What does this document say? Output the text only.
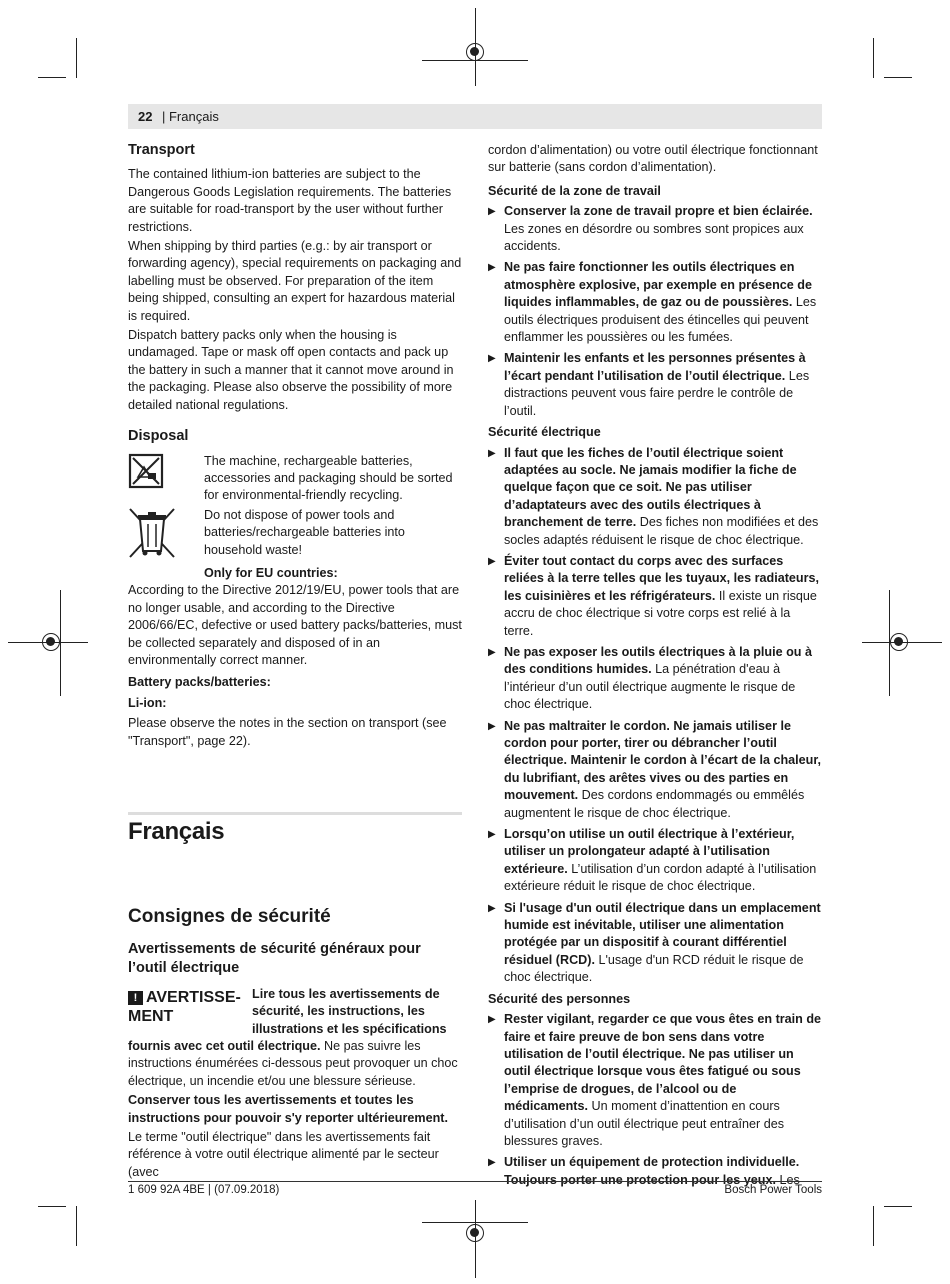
22 | Français
Transport

The contained lithium-ion batteries are subject to the Dangerous Goods Legislation requirements. The batteries are suitable for road-transport by the user without further restrictions.

When shipping by third parties (e.g.: by air transport or forwarding agency), special requirements on packaging and labelling must be observed. For preparation of the item being shipped, consulting an expert for hazardous material is required.

Dispatch battery packs only when the housing is undamaged. Tape or mask off open contacts and pack up the battery in such a manner that it cannot move around in the packaging. Please also observe the possibility of more detailed national regulations.

Disposal
The machine, rechargeable batteries, accessories and packaging should be sorted for environmental-friendly recycling.

Do not dispose of power tools and batteries/rechargeable batteries into household waste!

Only for EU countries:

According to the Directive 2012/19/EU, power tools that are no longer usable, and according to the Directive 2006/66/EC, defective or used battery packs/batteries, must be collected separately and disposed of in an environmentally correct manner.

Battery packs/batteries:
Li-ion:

Please observe the notes in the section on transport (see "Transport", page 22).

Français
Consignes de sécurité
Avertissements de sécurité généraux pour l’outil électrique
! AVERTISSE-
MENT

Lire tous les avertissements de sécurité, les instructions, les illustrations et les spécifications fournis avec cet outil électrique. Ne pas suivre les instructions énumérées ci-dessous peut provoquer un choc électrique, un incendie et/ou une blessure sérieuse.

Conserver tous les avertissements et toutes les instructions pour pouvoir s'y reporter ultérieurement.

Le terme "outil électrique" dans les avertissements fait référence à votre outil électrique alimenté par le secteur (avec

cordon d’alimentation) ou votre outil électrique fonctionnant sur batterie (sans cordon d’alimentation).

Sécurité de la zone de travail
▶ Conserver la zone de travail propre et bien éclairée. Les zones en désordre ou sombres sont propices aux accidents.
▶ Ne pas faire fonctionner les outils électriques en atmosphère explosive, par exemple en présence de liquides inflammables, de gaz ou de poussières. Les outils électriques produisent des étincelles qui peuvent enflammer les poussières ou les fumées.
▶ Maintenir les enfants et les personnes présentes à l’écart pendant l’utilisation de l’outil électrique. Les distractions peuvent vous faire perdre le contrôle de l’outil.
Sécurité électrique
▶ Il faut que les fiches de l’outil électrique soient adaptées au socle. Ne jamais modifier la fiche de quelque façon que ce soit. Ne pas utiliser d’adaptateurs avec des outils électriques à branchement de terre. Des fiches non modifiées et des socles adaptés réduisent le risque de choc électrique.
▶ Éviter tout contact du corps avec des surfaces reliées à la terre telles que les tuyaux, les radiateurs, les cuisinières et les réfrigérateurs. Il existe un risque accru de choc électrique si votre corps est relié à la terre.
▶ Ne pas exposer les outils électriques à la pluie ou à des conditions humides. La pénétration d'eau à l’intérieur d’un outil électrique augmente le risque de choc électrique.
▶ Ne pas maltraiter le cordon. Ne jamais utiliser le cordon pour porter, tirer ou débrancher l’outil électrique. Maintenir le cordon à l’écart de la chaleur, du lubrifiant, des arêtes vives ou des parties en mouvement. Des cordons endommagés ou emmêlés augmentent le risque de choc électrique.
▶ Lorsqu’on utilise un outil électrique à l’extérieur, utiliser un prolongateur adapté à l’utilisation extérieure. L’utilisation d’un cordon adapté à l’utilisation extérieure réduit le risque de choc électrique.
▶ Si l'usage d'un outil électrique dans un emplacement humide est inévitable, utiliser une alimentation protégée par un dispositif à courant différentiel résiduel (RCD). L'usage d'un RCD réduit le risque de choc électrique.
Sécurité des personnes
▶ Rester vigilant, regarder ce que vous êtes en train de faire et faire preuve de bon sens dans votre utilisation de l’outil électrique. Ne pas utiliser un outil électrique lorsque vous êtes fatigué ou sous l’emprise de drogues, de l’alcool ou de médicaments. Un moment d’inattention en cours d’utilisation d’un outil électrique peut entraîner des blessures graves.
▶ Utiliser un équipement de protection individuelle. Toujours porter une protection pour les yeux. Les
1 609 92A 4BE | (07.09.2018)	Bosch Power Tools
